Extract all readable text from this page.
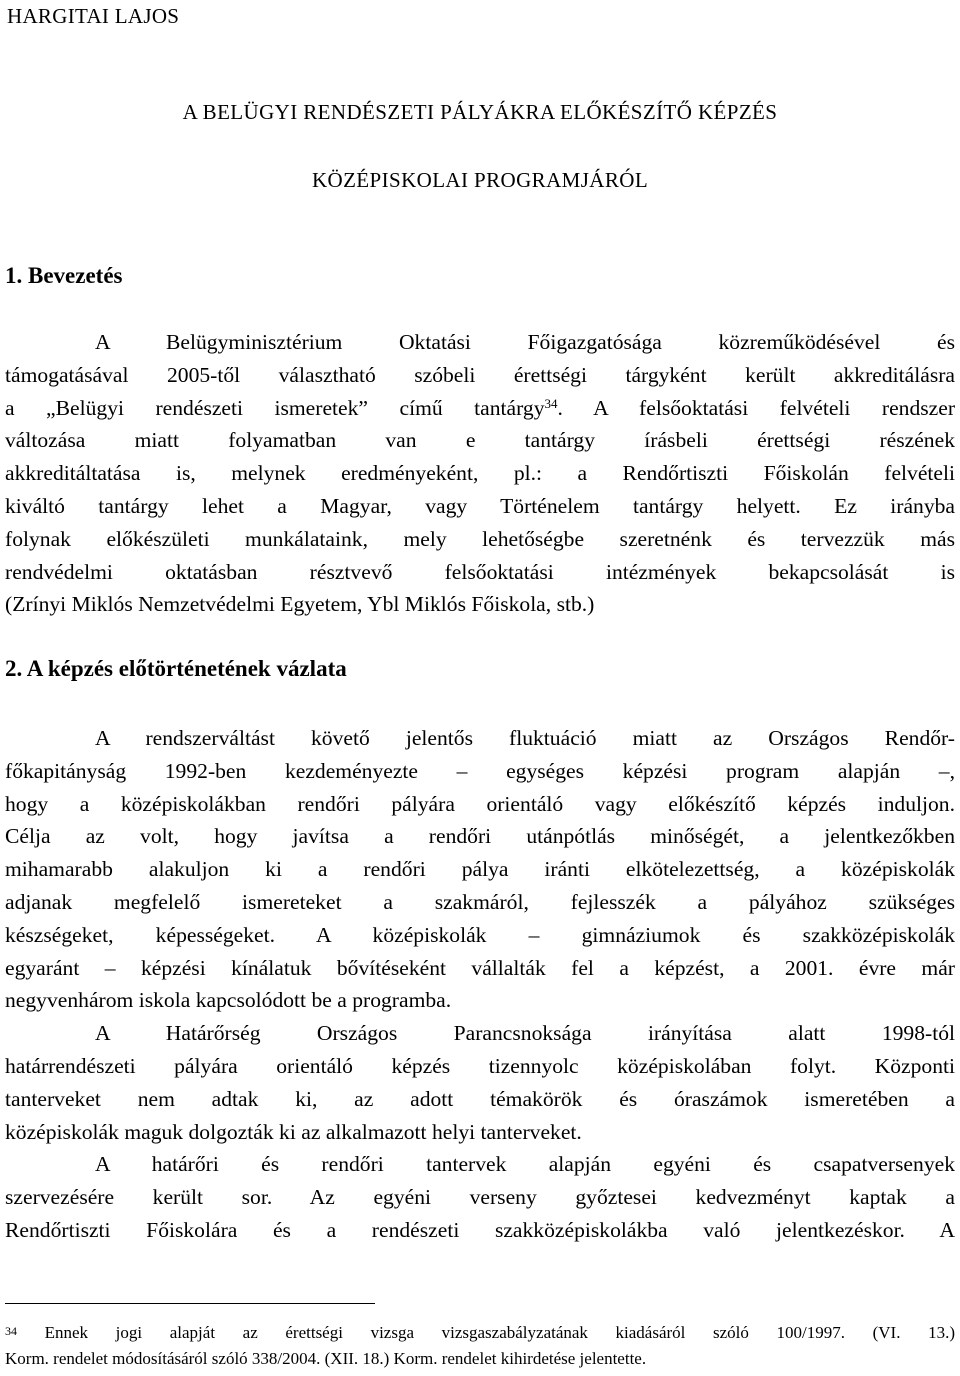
HARGITAI LAJOS
A BELÜGYI RENDÉSZETI PÁLYÁKRA ELŐKÉSZÍTŐ KÉPZÉS
KÖZÉPISKOLAI PROGRAMJÁRÓL
1. Bevezetés
A Belügyminisztérium Oktatási Főigazgatósága közreműködésével és
támogatásával 2005-től választható szóbeli érettségi tárgyként került akkreditálásra
a „Belügyi rendészeti ismeretek” című tantárgy$^{34}$. A felsőoktatási felvételi rendszer
változása miatt folyamatban van e tantárgy írásbeli érettségi részének
akkreditáltatása is, melynek eredményeként, pl.: a Rendőrtiszti Főiskolán felvételi
kiváltó tantárgy lehet a Magyar, vagy Történelem tantárgy helyett. Ez irányba
folynak előkészületi munkálataink, mely lehetőségbe szeretnénk és tervezzük más
rendvédelmi oktatásban résztvevő felsőoktatási intézmények bekapcsolását is
(Zrínyi Miklós Nemzetvédelmi Egyetem, Ybl Miklós Főiskola, stb.)
2. A képzés előtörténetének vázlata
A rendszerváltást követő jelentős fluktuáció miatt az Országos Rendőr-
főkapitányság 1992-ben kezdeményezte – egységes képzési program alapján –,
hogy a középiskolákban rendőri pályára orientáló vagy előkészítő képzés induljon.
Célja az volt, hogy javítsa a rendőri utánpótlás minőségét, a jelentkezőkben
mihamarabb alakuljon ki a rendőri pálya iránti elkötelezettség, a középiskolák
adjanak megfelelő ismereteket a szakmáról, fejlesszék a pályához szükséges
készségeket, képességeket. A középiskolák – gimnáziumok és szakközépiskolák
egyaránt – képzési kínálatuk bővítéseként vállalták fel a képzést, a 2001. évre már
negyvenhárom iskola kapcsolódott be a programba.
A Határőrség Országos Parancsnoksága irányítása alatt 1998-tól
határrendészeti pályára orientáló képzés tizennyolc középiskolában folyt. Központi
tanterveket nem adtak ki, az adott témakörök és óraszámok ismeretében a
középiskolák maguk dolgozták ki az alkalmazott helyi tanterveket.
A határőri és rendőri tantervek alapján egyéni és csapatversenyek
szervezésére került sor. Az egyéni verseny győztesei kedvezményt kaptak a
Rendőrtiszti Főiskolára és a rendészeti szakközépiskolákba való jelentkezéskor. A
$^{34}$ Ennek jogi alapját az érettségi vizsga vizsgaszabályzatának kiadásáról szóló 100/1997. (VI. 13.)
Korm. rendelet módosításáról szóló 338/2004. (XII. 18.) Korm. rendelet kihirdetése jelentette.
